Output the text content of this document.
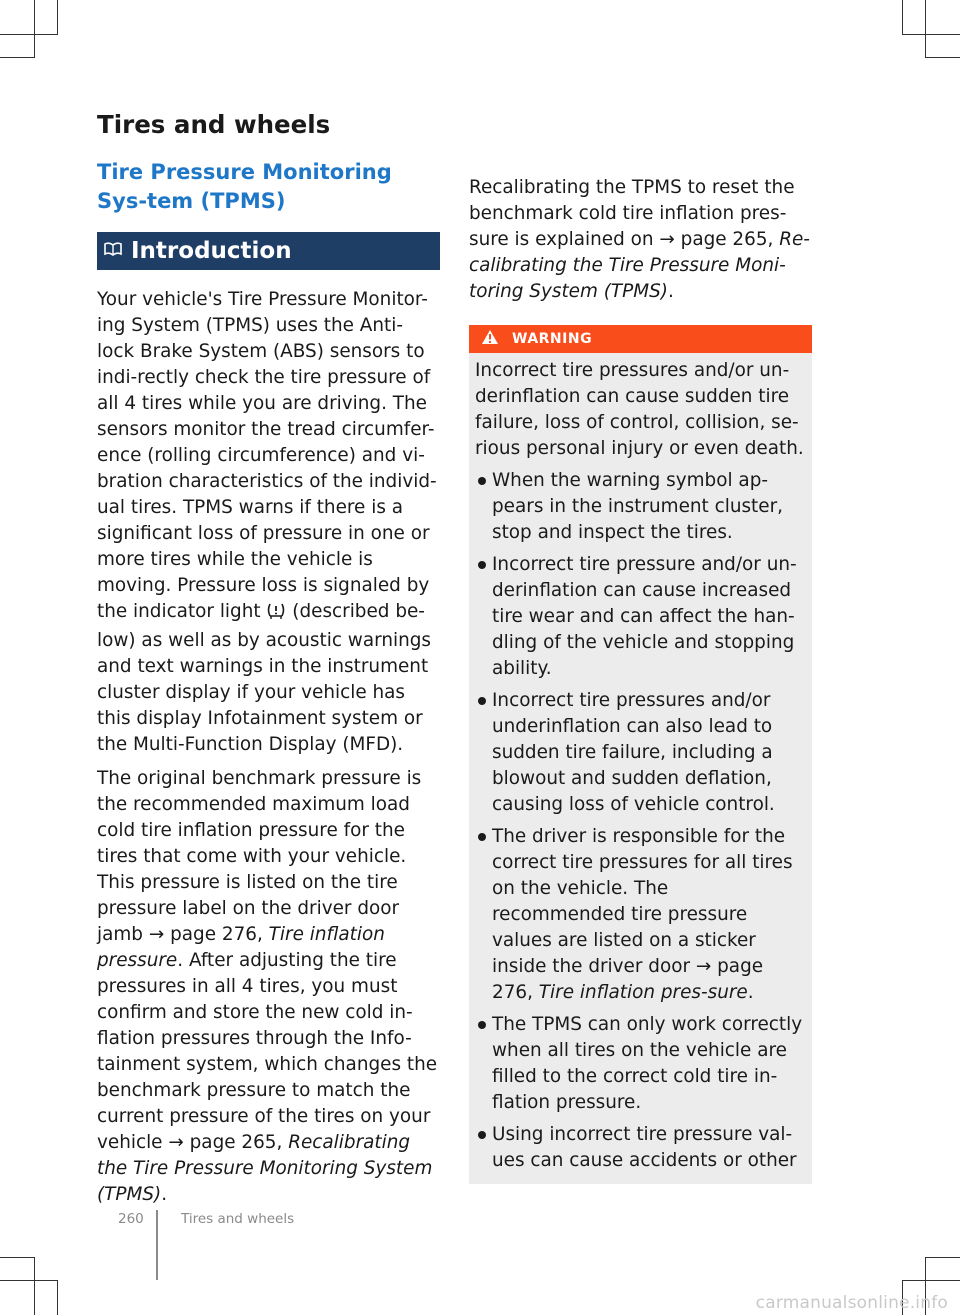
Tires and wheels
Tire Pressure Monitoring Sys-tem (TPMS)
Introduction

Your vehicle's Tire Pressure Monitor-ing System (TPMS) uses the Anti-lock Brake System (ABS) sensors to indi-rectly check the tire pressure of all 4 tires while you are driving. The sensors monitor the tread circumfer-ence (rolling circumference) and vi-bration characteristics of the individ-ual tires. TPMS warns if there is a significant loss of pressure in one or more tires while the vehicle is moving. Pressure loss is signaled by the indicator light  (described be-low) as well as by acoustic warnings and text warnings in the instrument cluster display if your vehicle has this display Infotainment system or the Multi-Function Display (MFD).

The original benchmark pressure is the recommended maximum load cold tire inflation pressure for the tires that come with your vehicle. This pressure is listed on the tire pressure label on the driver door jamb → page 276, Tire inflation pressure. After adjusting the tire pressures in all 4 tires, you must confirm and store the new cold in-flation pressures through the Info-tainment system, which changes the benchmark pressure to match the current pressure of the tires on your vehicle → page 265, Recalibrating the Tire Pressure Monitoring System (TPMS).

Recalibrating the TPMS to reset the benchmark cold tire inflation pres-sure is explained on → page 265, Re-calibrating the Tire Pressure Moni-toring System (TPMS).

WARNING

Incorrect tire pressures and/or un-derinflation can cause sudden tire failure, loss of control, collision, se-rious personal injury or even death.

When the warning symbol ap-pears in the instrument cluster, stop and inspect the tires.
Incorrect tire pressure and/or un-derinflation can cause increased tire wear and can affect the han-dling of the vehicle and stopping ability.
Incorrect tire pressures and/or underinflation can also lead to sudden tire failure, including a blowout and sudden deflation, causing loss of vehicle control.
The driver is responsible for the correct tire pressures for all tires on the vehicle. The recommended tire pressure values are listed on a sticker inside the driver door → page 276, Tire inflation pres-sure.
The TPMS can only work correctly when all tires on the vehicle are filled to the correct cold tire in-flation pressure.
Using incorrect tire pressure val-ues can cause accidents or other
260	Tires and wheels
carmanualsonline.info
